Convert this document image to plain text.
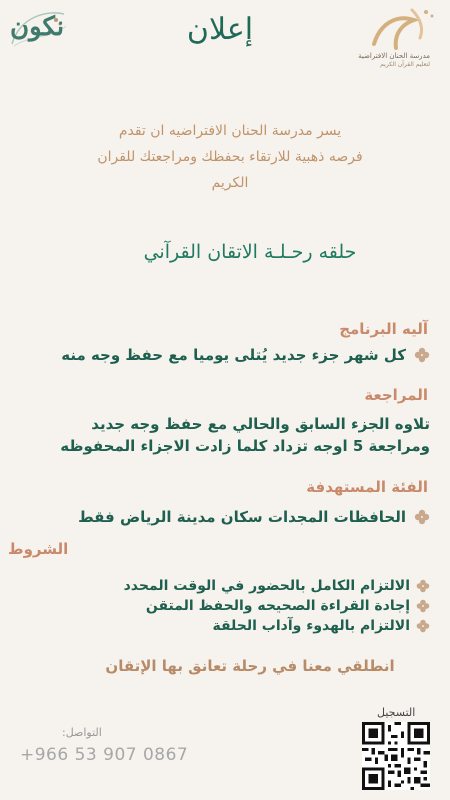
نكون	إعلان
مدرسة الحنان الافتراضية
لتعليم القرآن الكريم
يسر مدرسة الحنان الافتراضيه ان تقدم
فرصه ذهبية للارتقاء بحفظك ومراجعتك للقران
الكريم
حلقه رحـلـة الاتقان القرآني
آليه البرنامج
كل شهر جزء جديد يُتلى يوميا مع حفظ وجه منه
المراجعة
تلاوه الجزء السابق والحالي مع حفظ وجه جديد
ومراجعة 5 اوجه تزداد كلما زادت الاجزاء المحفوظه
الفئة المستهدفة
الحافظات المجدات سكان مدينة الرياض فقط
الشروط
الالتزام الكامل بالحضور في الوقت المحدد
إجادة القراءة الصحيحه والحفظ المتقن
الالتزام بالهدوء وآداب الحلقة
انطلقي معنا في رحلة تعانق بها الإتقان
التواصل:
+966 53 907 0867
التسجيل
